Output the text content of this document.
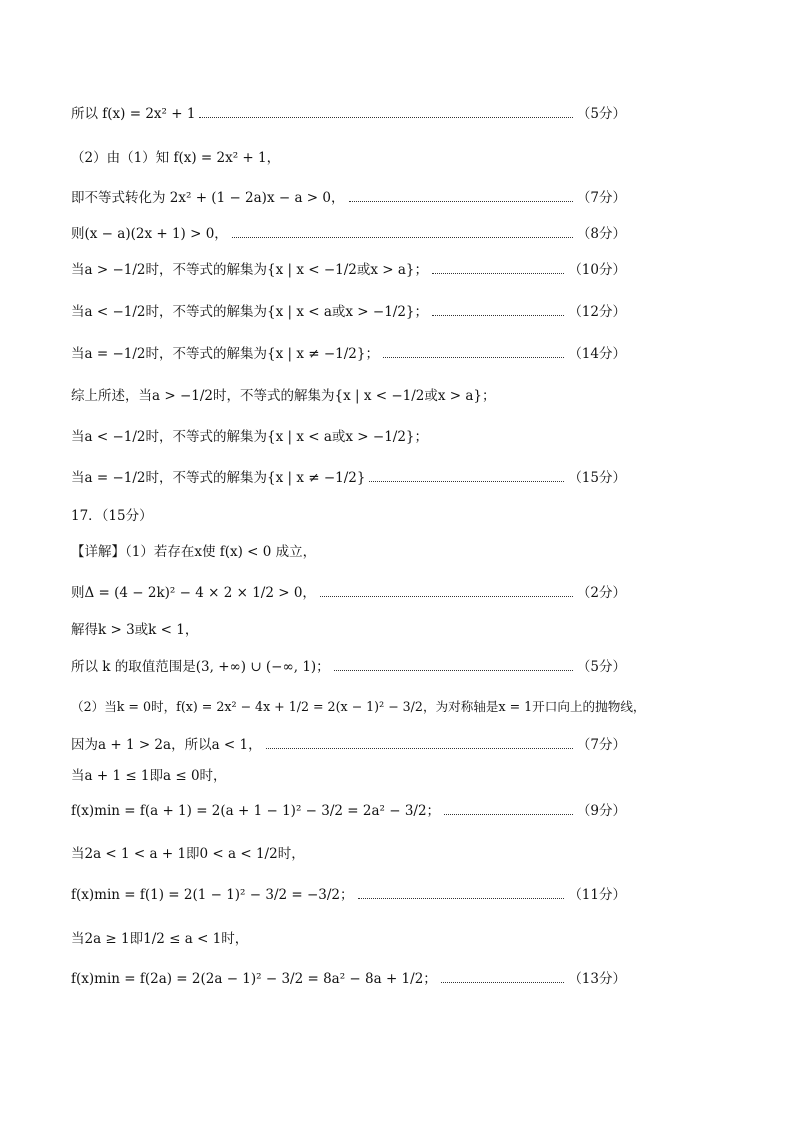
所以 f(x) = 2x² + 1	（5分）
（2）由（1）知 f(x) = 2x² + 1，
即不等式转化为 2x² + (1 − 2a)x − a > 0，	（7分）
则(x − a)(2x + 1) > 0，	（8分）
当a > −1/2时，不等式的解集为{x | x < −1/2或x > a}；	（10分）
当a < −1/2时，不等式的解集为{x | x < a或x > −1/2}；	（12分）
当a = −1/2时，不等式的解集为{x | x ≠ −1/2}；	（14分）
综上所述，当a > −1/2时，不等式的解集为{x | x < −1/2或x > a}；
当a < −1/2时，不等式的解集为{x | x < a或x > −1/2}；
当a = −1/2时，不等式的解集为{x | x ≠ −1/2}	（15分）
17．（15分）
【详解】（1）若存在x使 f(x) < 0 成立，
则Δ = (4 − 2k)² − 4 × 2 × 1/2 > 0，	（2分）
解得k > 3或k < 1，
所以 k 的取值范围是(3, +∞) ∪ (−∞, 1)；	（5分）
（2）当k = 0时，f(x) = 2x² − 4x + 1/2 = 2(x − 1)² − 3/2，为对称轴是x = 1开口向上的抛物线，
因为a + 1 > 2a，所以a < 1，	（7分）
当a + 1 ≤ 1即a ≤ 0时，
f(x)min = f(a + 1) = 2(a + 1 − 1)² − 3/2 = 2a² − 3/2；	（9分）
当2a < 1 < a + 1即0 < a < 1/2时，
f(x)min = f(1) = 2(1 − 1)² − 3/2 = −3/2；	（11分）
当2a ≥ 1即1/2 ≤ a < 1时，
f(x)min = f(2a) = 2(2a − 1)² − 3/2 = 8a² − 8a + 1/2；	（13分）
